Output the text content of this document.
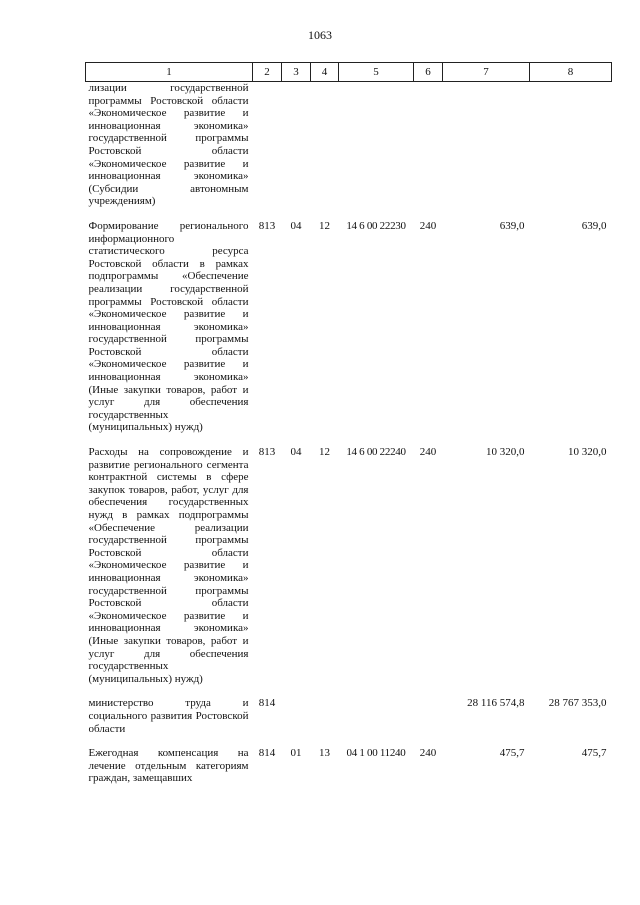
1063
1	2	3	4	5	6	7	8
лизации государственной программы Ростовской области «Экономическое развитие и инновационная экономика» государственной программы Ростовской области «Экономическое развитие и инновационная экономика» (Субсидии автономным учреждениям)							
Формирование регионального информационного статистического ресурса Ростовской области в рамках подпрограммы «Обеспечение реализации государственной программы Ростовской области «Экономическое развитие и инновационная экономика» государственной программы Ростовской области «Экономическое развитие и инновационная экономика» (Иные закупки товаров, работ и услуг для обеспечения государственных (муниципальных) нужд)	813	04	12	14 6 00 22230	240	639,0	639,0
Расходы на сопровождение и развитие регионального сегмента контрактной системы в сфере закупок товаров, работ, услуг для обеспечения государственных нужд в рамках подпрограммы «Обеспечение реализации государственной программы Ростовской области «Экономическое развитие и инновационная экономика» государственной программы Ростовской области «Экономическое развитие и инновационная экономика» (Иные закупки товаров, работ и услуг для обеспечения государственных (муниципальных) нужд)	813	04	12	14 6 00 22240	240	10 320,0	10 320,0
министерство труда и социального развития Ростовской области	814					28 116 574,8	28 767 353,0
Ежегодная компенсация на лечение отдельным категориям граждан, замещавших	814	01	13	04 1 00 11240	240	475,7	475,7
